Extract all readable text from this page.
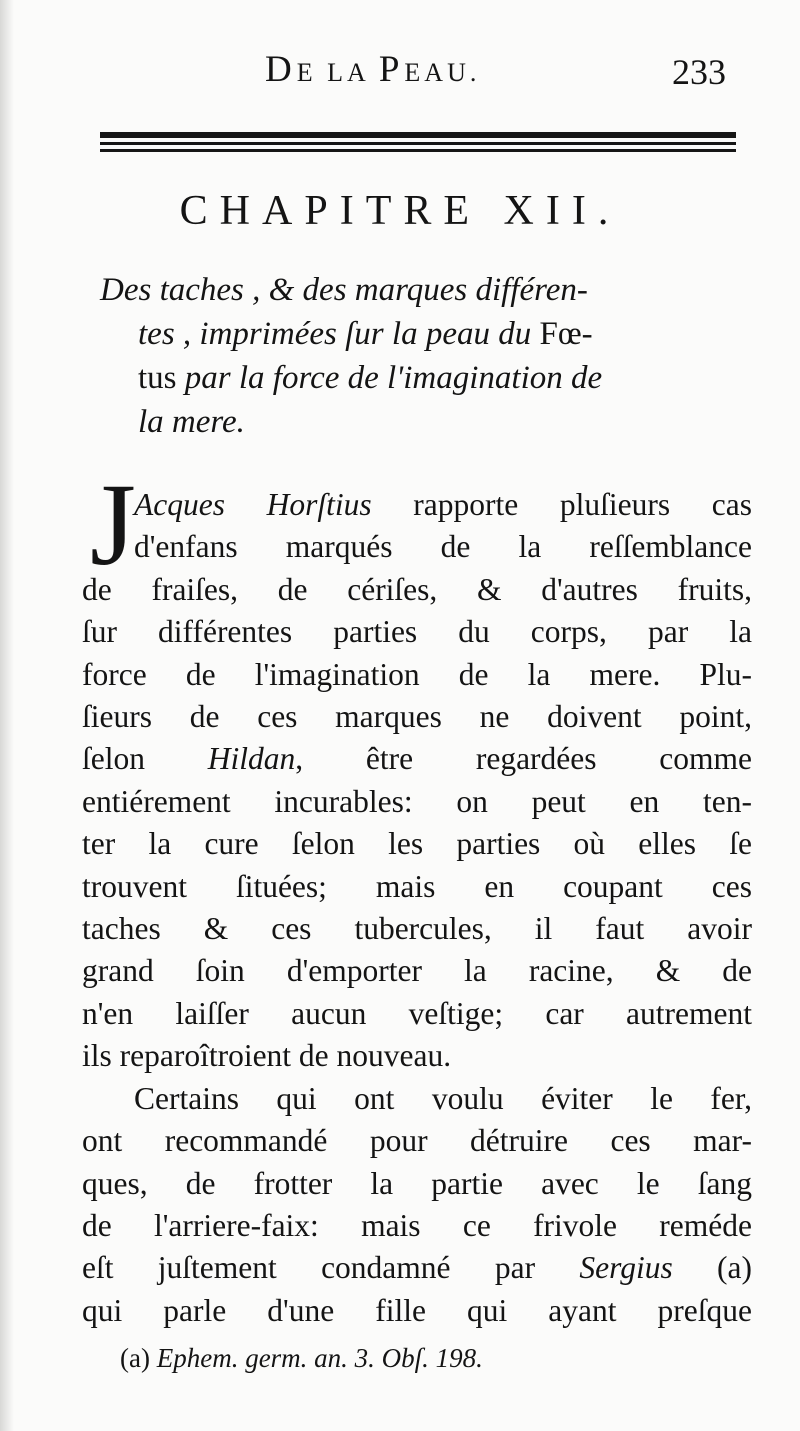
DE LA PEAU.	233
CHAPITRE XII.
Des taches , & des marques différen-
tes , imprimées ſur la peau du Fœ-
tus par la force de l'imagination de
la mere.
J
Acques Horſtius rapporte pluſieurs cas
d'enfans marqués de la reſſemblance
de fraiſes, de cériſes, & d'autres fruits,
ſur différentes parties du corps, par la
force de l'imagination de la mere. Plu-
ſieurs de ces marques ne doivent point,
ſelon Hildan, être regardées comme
entiérement incurables: on peut en ten-
ter la cure ſelon les parties où elles ſe
trouvent ſituées; mais en coupant ces
taches & ces tubercules, il faut avoir
grand ſoin d'emporter la racine, & de
n'en laiſſer aucun veſtige; car autrement
ils reparoîtroient de nouveau.
Certains qui ont voulu éviter le fer,
ont recommandé pour détruire ces mar-
ques, de frotter la partie avec le ſang
de l'arriere-faix: mais ce frivole reméde
eſt juſtement condamné par Sergius (a)
qui parle d'une fille qui ayant preſque
(a) Ephem. germ. an. 3. Obſ. 198.
